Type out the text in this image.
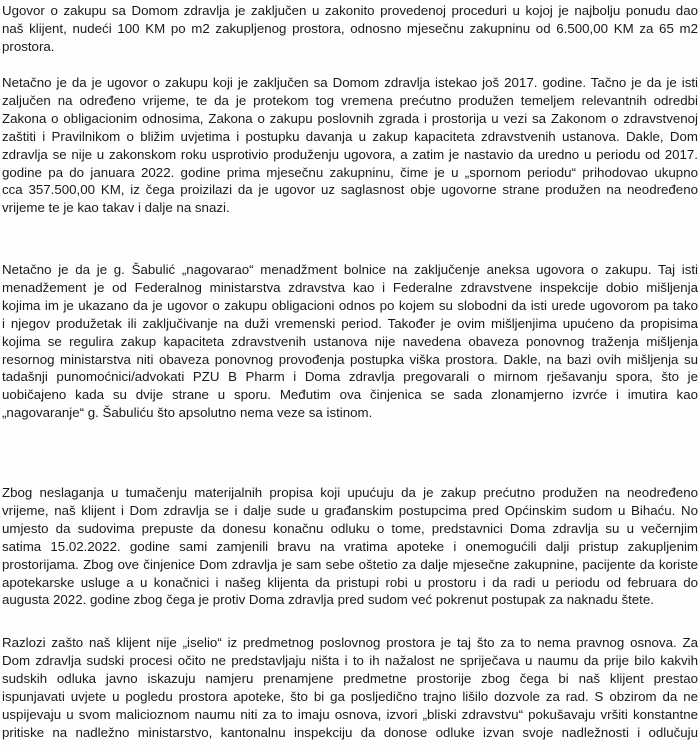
Ugovor o zakupu sa Domom zdravlja je zaključen u zakonito provedenoj proceduri u kojoj je najbolju ponudu dao
naš klijent, nudeći 100 KM po m2 zakupljenog prostora, odnosno mjesečnu zakupninu od 6.500,00 KM za 65 m2
prostora.
Netačno je da je ugovor o zakupu koji je zaključen sa Domom zdravlja istekao još 2017. godine. Tačno je da je isti
zaljučen na određeno vrijeme, te da je protekom tog vremena prećutno produžen temeljem relevantnih odredbi
Zakona o obligacionim odnosima, Zakona o zakupu poslovnih zgrada i prostorija u vezi sa Zakonom o zdravstvenoj
zaštiti i Pravilnikom o bližim uvjetima i postupku davanja u zakup kapaciteta zdravstvenih ustanova. Dakle, Dom
zdravlja se nije u zakonskom roku usprotivio produženju ugovora, a zatim je nastavio da uredno u periodu od 2017.
godine pa do januara 2022. godine prima mjesečnu zakupninu, čime je u „spornom periodu“ prihodovao ukupno
cca 357.500,00 KM, iz čega proizilazi da je ugovor uz saglasnost obje ugovorne strane produžen na neodređeno
vrijeme te je kao takav i dalje na snazi.
Netačno je da je g. Šabulić „nagovarao“ menadžment bolnice na zaključenje aneksa ugovora o zakupu. Taj isti
menadžement je od Federalnog ministarstva zdravstva kao i Federalne zdravstvene inspekcije dobio mišljenja
kojima im je ukazano da je ugovor o zakupu obligacioni odnos po kojem su slobodni da isti urede ugovorom pa tako
i njegov produžetak ili zaključivanje na duži vremenski period. Također je ovim mišljenjima upućeno da propisima
kojima se regulira zakup kapaciteta zdravstvenih ustanova nije navedena obaveza ponovnog traženja mišljenja
resornog ministarstva niti obaveza ponovnog provođenja postupka viška prostora. Dakle, na bazi ovih mišljenja su
tadašnji punomoćnici/advokati PZU B Pharm i Doma zdravlja pregovarali o mirnom rješavanju spora, što je
uobičajeno kada su dvije strane u sporu. Međutim ova činjenica se sada zlonamjerno izvrće i imutira kao
„nagovaranje“ g. Šabuliću što apsolutno nema veze sa istinom.
Zbog neslaganja u tumačenju materijalnih propisa koji upućuju da je zakup prećutno produžen na neodređeno
vrijeme, naš klijent i Dom zdravlja se i dalje sude u građanskim postupcima pred Općinskim sudom u Bihaću. No
umjesto da sudovima prepuste da donesu konačnu odluku o tome, predstavnici Doma zdravlja su u večernjim
satima 15.02.2022. godine sami zamjenili bravu na vratima apoteke i onemogućili dalji pristup zakupljenim
prostorijama. Zbog ove činjenice Dom zdravlja je sam sebe oštetio za dalje mjesečne zakupnine, pacijente da koriste
apotekarske usluge a u konačnici i našeg klijenta da pristupi robi u prostoru i da radi u periodu od februara do
augusta 2022. godine zbog čega je protiv Doma zdravlja pred sudom već pokrenut postupak za naknadu štete.
Razlozi zašto naš klijent nije „iselio“ iz predmetnog poslovnog prostora je taj što za to nema pravnog osnova. Za
Dom zdravlja sudski procesi očito ne predstavljaju ništa i to ih nažalost ne spriječava u naumu da prije bilo kakvih
sudskih odluka javno iskazuju namjeru prenamjene predmetne prostorije zbog čega bi naš klijent prestao
ispunjavati uvjete u pogledu prostora apoteke, što bi ga posljedično trajno lišilo dozvole za rad. S obzirom da ne
uspijevaju u svom malicioznom naumu niti za to imaju osnova, izvori „bliski zdravstvu“ pokušavaju vršiti konstantne
pritiske na nadležno ministarstvo, kantonalnu inspekciju da donose odluke izvan svoje nadležnosti i odlučuju
